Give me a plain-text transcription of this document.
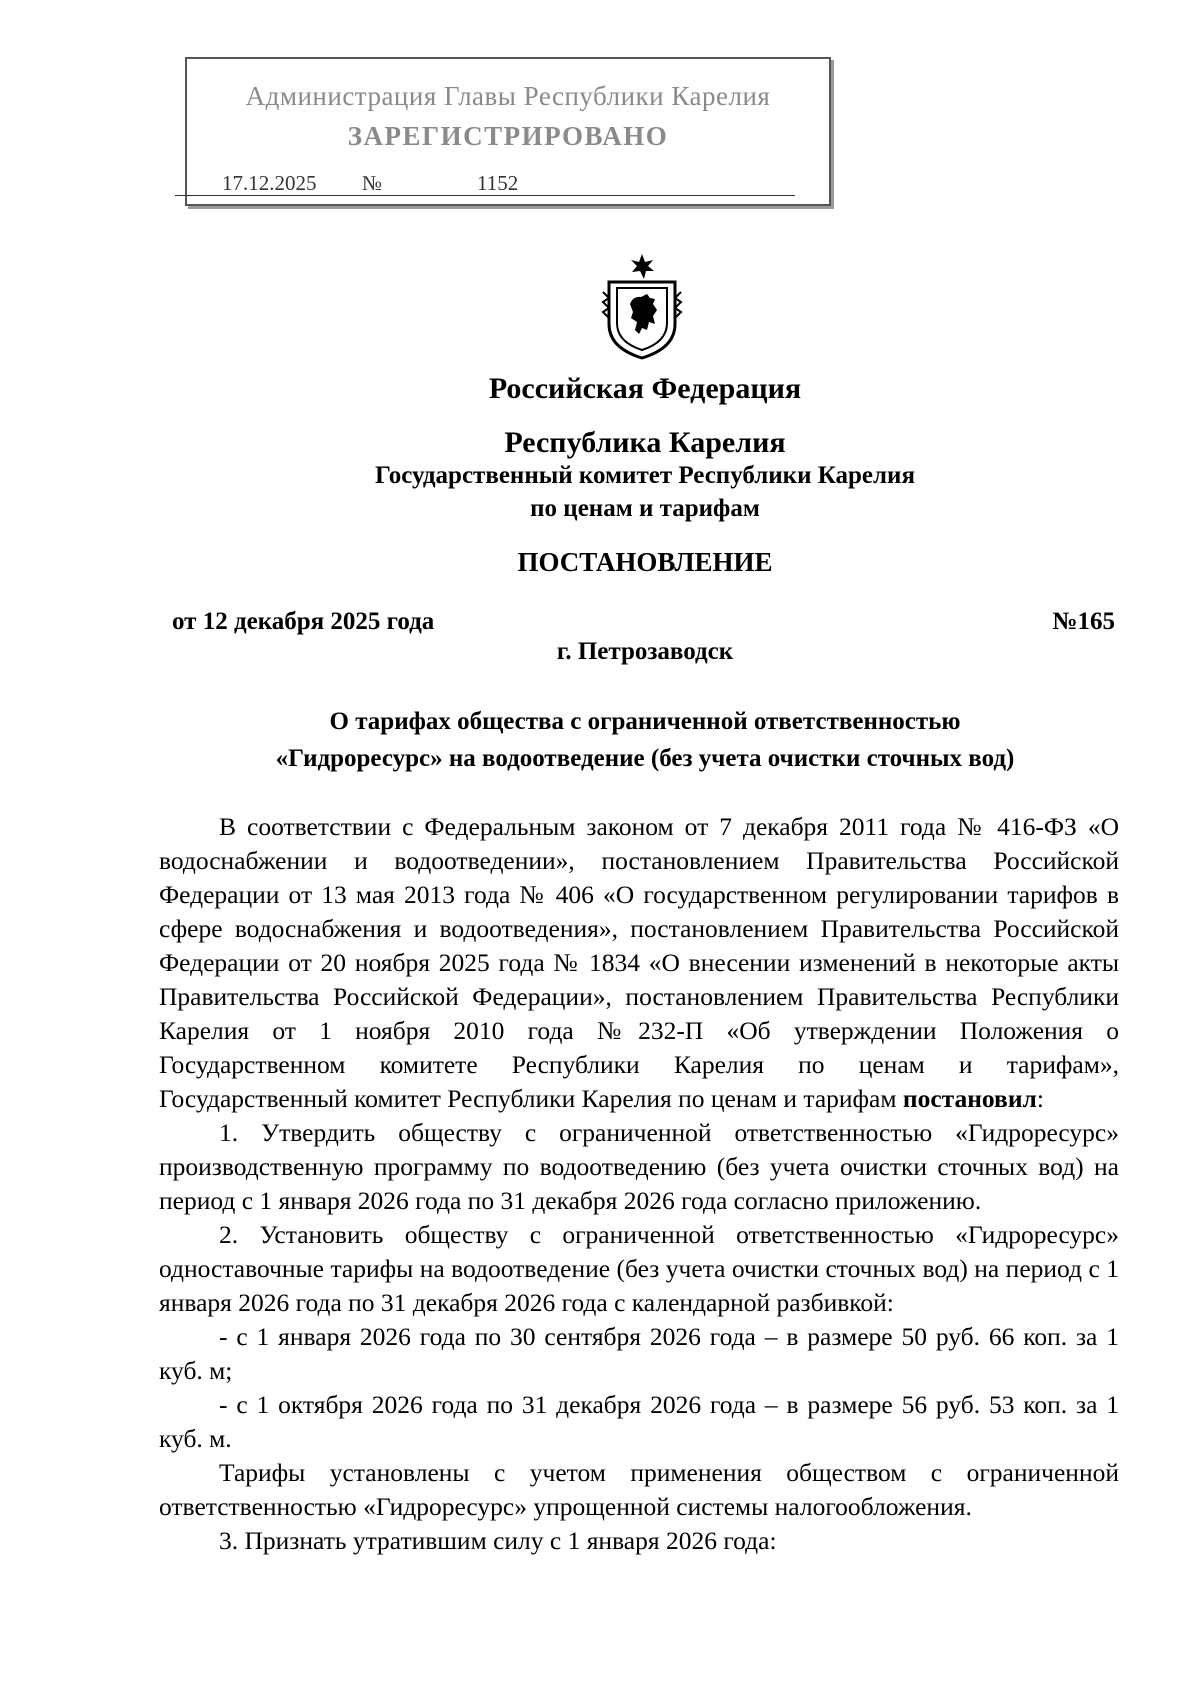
Администрация Главы Республики Карелия
ЗАРЕГИСТРИРОВАНО
17.12.2025 №	1152
Российская Федерация
Республика Карелия
Государственный комитет Республики Карелия
по ценам и тарифам
ПОСТАНОВЛЕНИЕ
от 12 декабря 2025 года	№165
г. Петрозаводск
О тарифах общества с ограниченной ответственностью
«Гидроресурс» на водоотведение (без учета очистки сточных вод)

В соответствии с Федеральным законом от 7 декабря 2011 года № 416-ФЗ «О водоснабжении и водоотведении», постановлением Правительства Российской Федерации от 13 мая 2013 года № 406 «О государственном регулировании тарифов в сфере водоснабжения и водоотведения», постановлением Правительства Российской Федерации от 20 ноября 2025 года № 1834 «О внесении изменений в некоторые акты Правительства Российской Федерации», постановлением Правительства Республики Карелия от 1 ноября 2010 года №232-П «Об утверждении Положения о Государственном комитете Республики Карелия по ценам и тарифам», Государственный комитет Республики Карелия по ценам и тарифам постановил:

1. Утвердить обществу с ограниченной ответственностью «Гидроресурс» производственную программу по водоотведению (без учета очистки сточных вод) на период с 1 января 2026 года по 31 декабря 2026 года согласно приложению.

2. Установить обществу с ограниченной ответственностью «Гидроресурс» одноставочные тарифы на водоотведение (без учета очистки сточных вод) на период с 1 января 2026 года по 31 декабря 2026 года с календарной разбивкой:

- с 1 января 2026 года по 30 сентября 2026 года – в размере 50 руб. 66 коп. за 1 куб. м;

- с 1 октября 2026 года по 31 декабря 2026 года – в размере 56 руб. 53 коп. за 1 куб. м.

Тарифы установлены с учетом применения обществом с ограниченной ответственностью «Гидроресурс» упрощенной системы налогообложения.

3. Признать утратившим силу с 1 января 2026 года:
